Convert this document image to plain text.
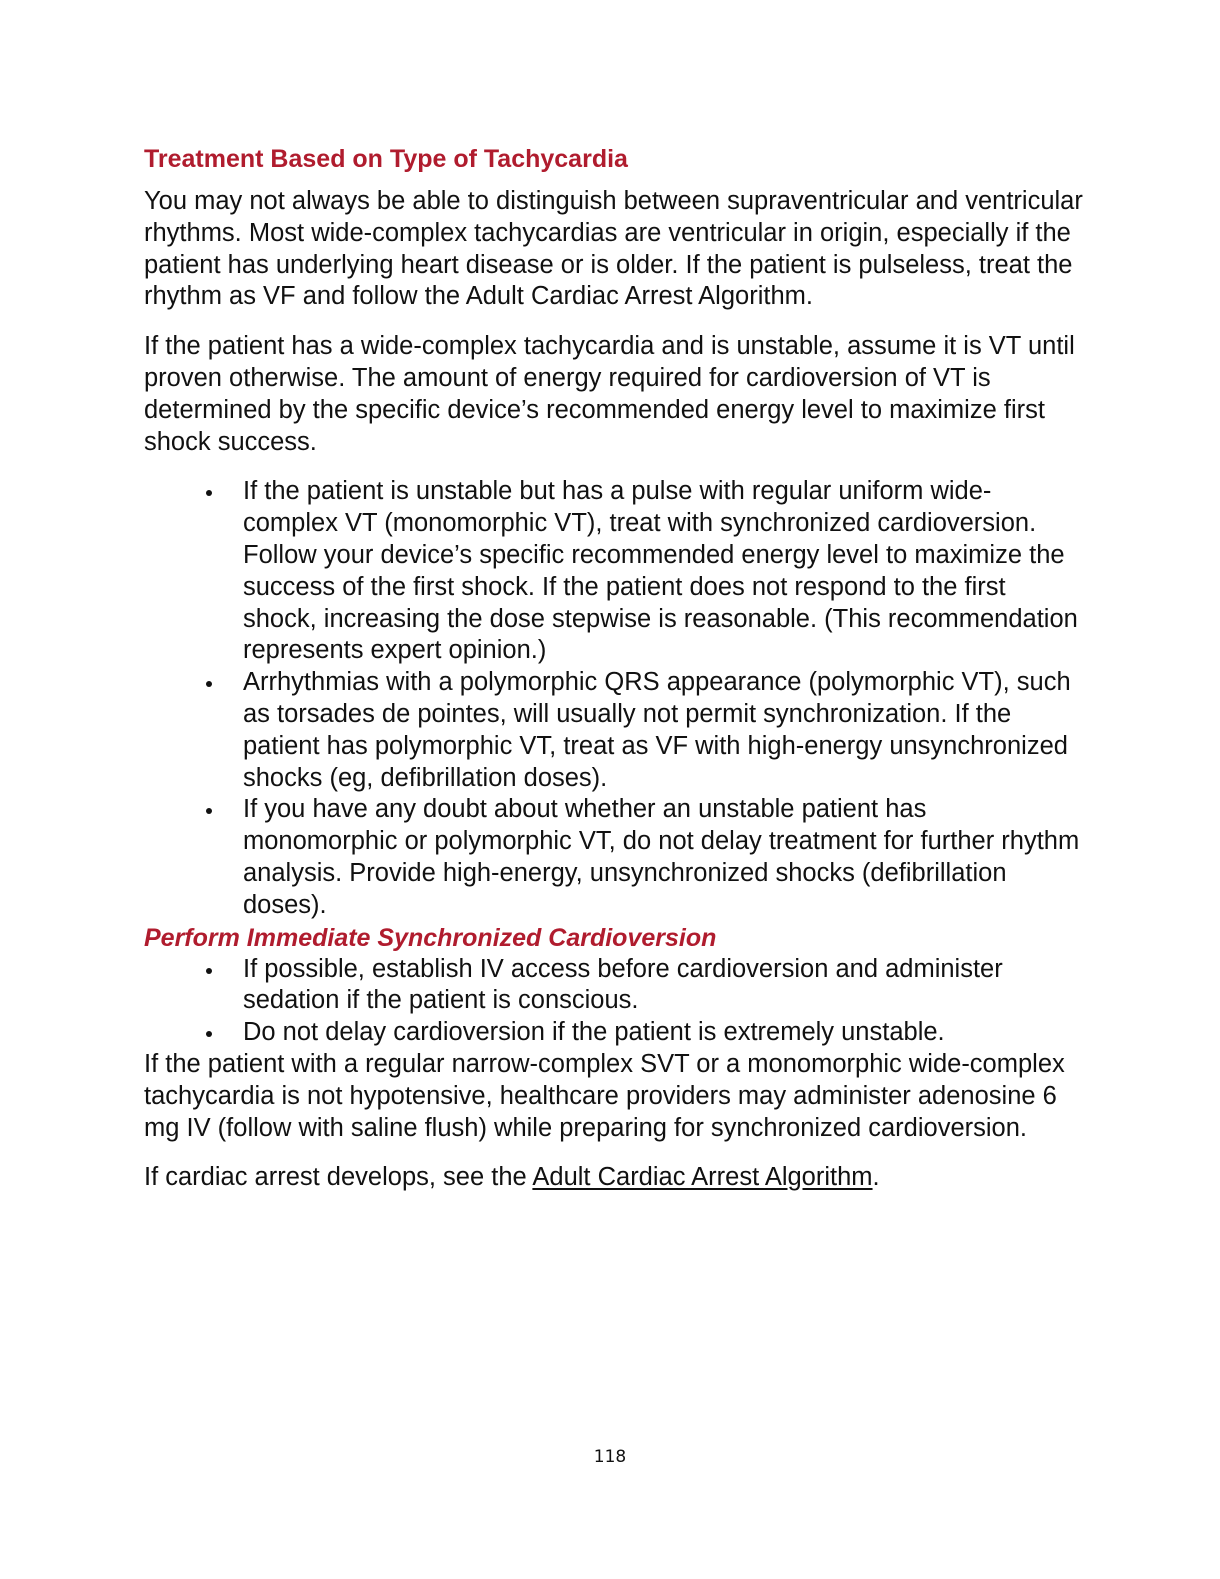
Treatment Based on Type of Tachycardia

You may not always be able to distinguish between supraventricular and ventricular rhythms. Most wide-complex tachycardias are ventricular in origin, especially if the patient has underlying heart disease or is older. If the patient is pulseless, treat the rhythm as VF and follow the Adult Cardiac Arrest Algorithm.

If the patient has a wide-complex tachycardia and is unstable, assume it is VT until proven otherwise. The amount of energy required for cardioversion of VT is determined by the specific device’s recommended energy level to maximize first shock success.

If the patient is unstable but has a pulse with regular uniform wide-complex VT (monomorphic VT), treat with synchronized cardioversion. Follow your device’s specific recommended energy level to maximize the success of the first shock. If the patient does not respond to the first shock, increasing the dose stepwise is reasonable. (This recommendation represents expert opinion.)
Arrhythmias with a polymorphic QRS appearance (polymorphic VT), such as torsades de pointes, will usually not permit synchronization. If the patient has polymorphic VT, treat as VF with high-energy unsynchronized shocks (eg, defibrillation doses).
If you have any doubt about whether an unstable patient has monomorphic or polymorphic VT, do not delay treatment for further rhythm analysis. Provide high-energy, unsynchronized shocks (defibrillation doses).
Perform Immediate Synchronized Cardioversion
If possible, establish IV access before cardioversion and administer sedation if the patient is conscious.
Do not delay cardioversion if the patient is extremely unstable.

If the patient with a regular narrow-complex SVT or a monomorphic wide-complex tachycardia is not hypotensive, healthcare providers may administer adenosine 6 mg IV (follow with saline flush) while preparing for synchronized cardioversion.

If cardiac arrest develops, see the Adult Cardiac Arrest Algorithm.

118
